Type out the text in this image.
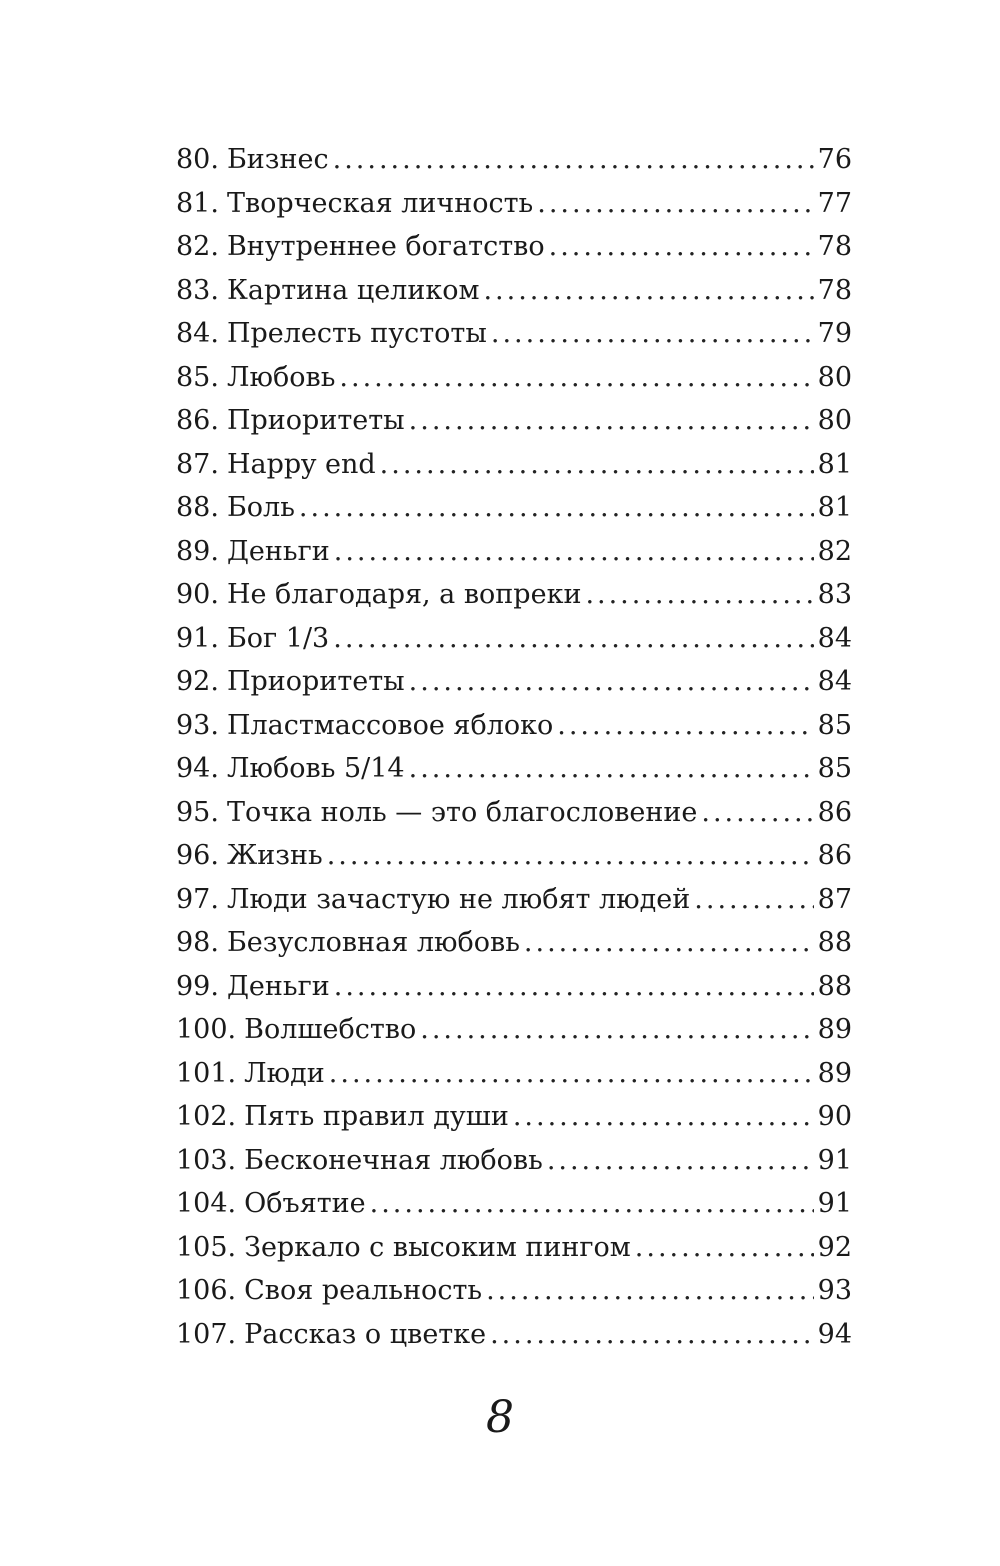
80. Бизнес .....	76
81. Творческая личность .....	77
82. Внутреннее богатство .....	78
83. Картина целиком .....	78
84. Прелесть пустоты .....	79
85. Любовь .....	80
86. Приоритеты .....	80
87. Happy end .....	81
88. Боль .....	81
89. Деньги .....	82
90. Не благодаря, а вопреки .....	83
91. Бог 1/3 .....	84
92. Приоритеты .....	84
93. Пластмассовое яблоко .....	85
94. Любовь 5/14 .....	85
95. Точка ноль — это благословение .....	86
96. Жизнь .....	86
97. Люди зачастую не любят людей .....	87
98. Безусловная любовь .....	88
99. Деньги .....	88
100. Волшебство .....	89
101. Люди .....	89
102. Пять правил души .....	90
103. Бесконечная любовь .....	91
104. Объятие .....	91
105. Зеркало с высоким пингом .....	92
106. Своя реальность .....	93
107. Рассказ о цветке .....	94
8
